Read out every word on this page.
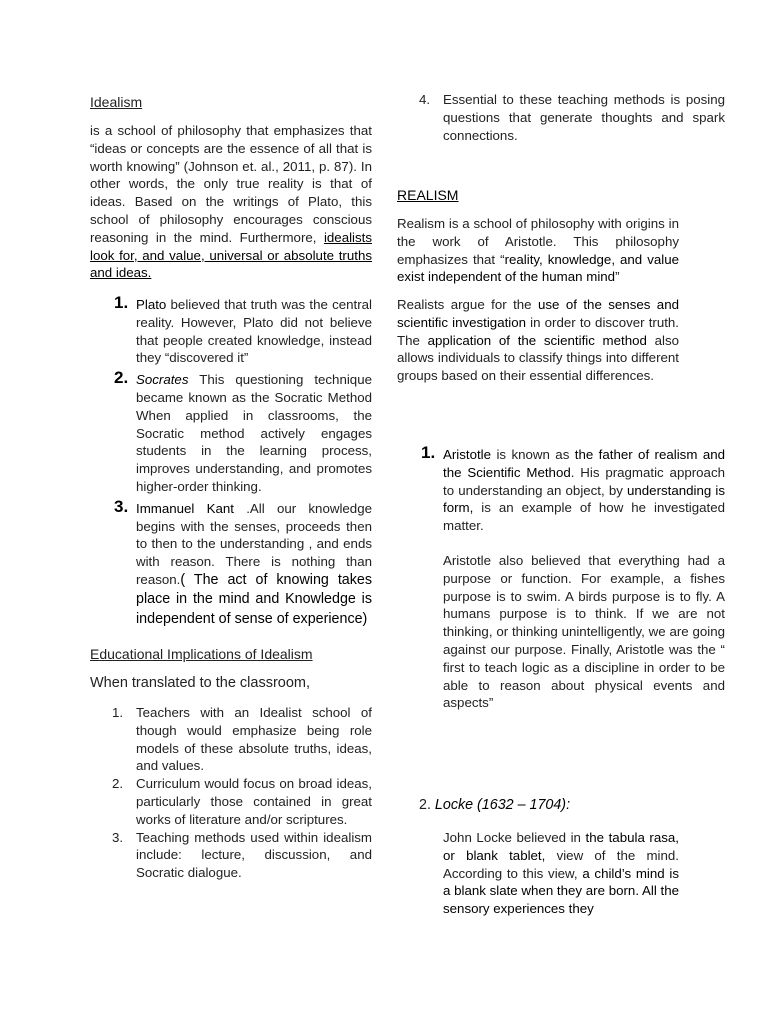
Idealism

is a school of philosophy that emphasizes that “ideas or concepts are the essence of all that is worth knowing” (Johnson et. al., 2011, p. 87). In other words, the only true reality is that of ideas. Based on the writings of Plato, this school of philosophy encourages conscious reasoning in the mind. Furthermore, idealists look for, and value, universal or absolute truths and ideas.

1. Plato believed that truth was the central reality. However, Plato did not believe that people created knowledge, instead they “discovered it”

2. Socrates This questioning technique became known as the Socratic Method When applied in classrooms, the Socratic method actively engages students in the learning process, improves understanding, and promotes higher-order thinking.

3. Immanuel Kant .All our knowledge begins with the senses, proceeds then to then to the understanding , and ends with reason. There is nothing than reason.( The act of knowing takes place in the mind and Knowledge is independent of sense of experience)

Educational Implications of Idealism

When translated to the classroom,

1. Teachers with an Idealist school of though would emphasize being role models of these absolute truths, ideas, and values.

2. Curriculum would focus on broad ideas, particularly those contained in great works of literature and/or scriptures.

3. Teaching methods used within idealism include: lecture, discussion, and Socratic dialogue.

4. Essential to these teaching methods is posing questions that generate thoughts and spark connections.

REALISM

Realism is a school of philosophy with origins in the work of Aristotle. This philosophy emphasizes that “reality, knowledge, and value exist independent of the human mind”

Realists argue for the use of the senses and scientific investigation in order to discover truth. The application of the scientific method also allows individuals to classify things into different groups based on their essential differences.

1. Aristotle is known as the father of realism and the Scientific Method. His pragmatic approach to understanding an object, by understanding is form, is an example of how he investigated matter.

Aristotle also believed that everything had a purpose or function. For example, a fishes purpose is to swim. A birds purpose is to fly. A humans purpose is to think. If we are not thinking, or thinking unintelligently, we are going against our purpose. Finally, Aristotle was the “ first to teach logic as a discipline in order to be able to reason about physical events and aspects”

2. Locke (1632 – 1704):

John Locke believed in the tabula rasa, or blank tablet, view of the mind. According to this view, a child’s mind is a blank slate when they are born. All the sensory experiences they
